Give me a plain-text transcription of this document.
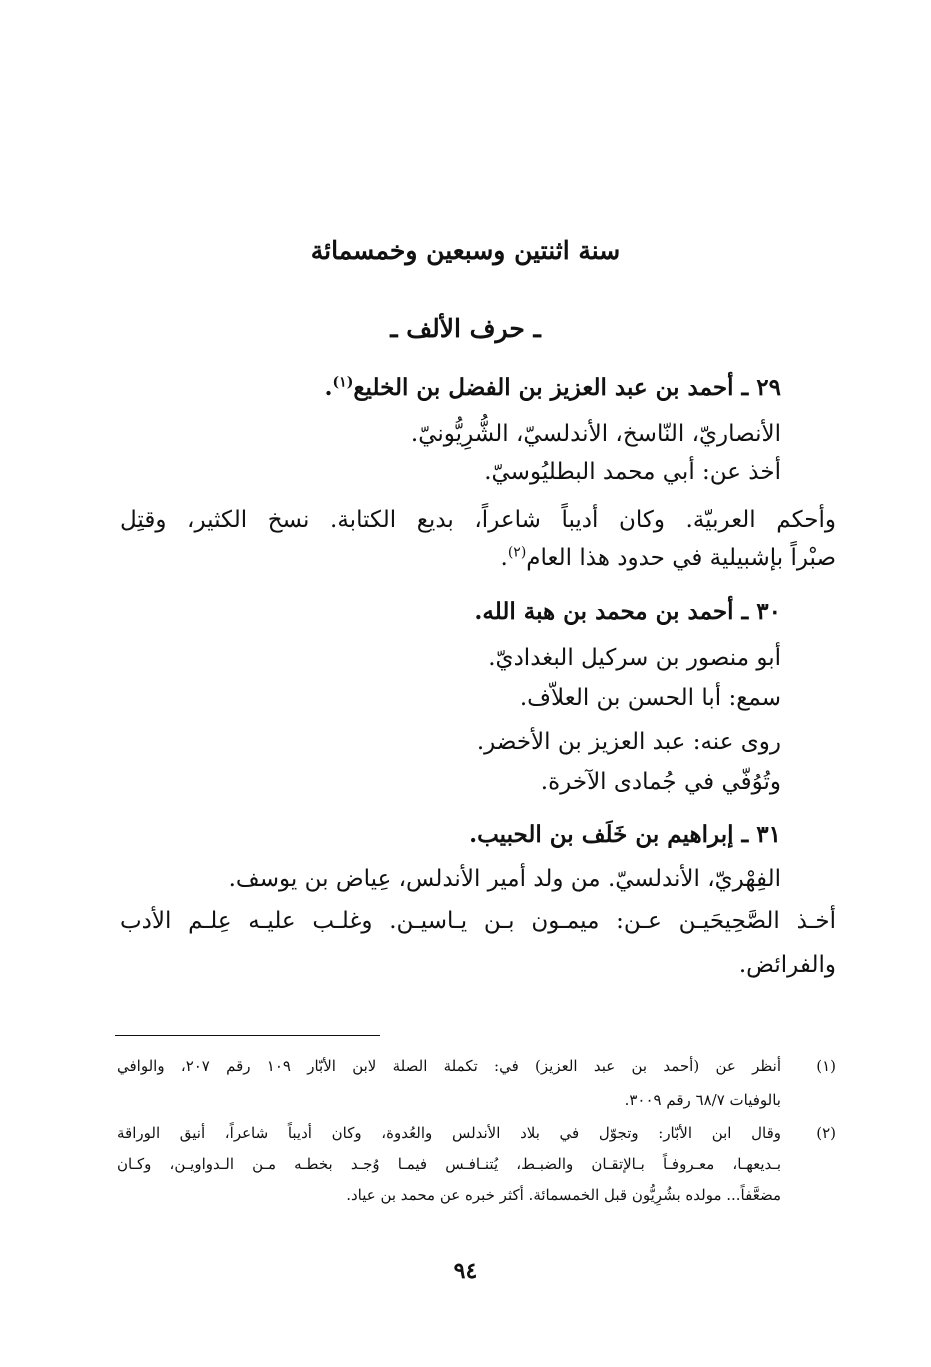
سنة اثنتين وسبعين وخمسمائة
ـ حرف الألف ـ
٢٩ ـ أحمد بن عبد العزيز بن الفضل بن الخليع$^{(١)}$.
الأنصاريّ، النّاسخ، الأندلسيّ، الشُّرِيُّونيّ.
أخذ عن: أبي محمد البطليُوسيّ.
وأحكم العربيّة. وكان أديباً شاعراً، بديع الكتابة. نسخ الكثير، وقتِل
صبْراً بإشبيلية في حدود هذا العام$^{(٢)}$.
٣٠ ـ أحمد بن محمد بن هبة الله.
أبو منصور بن سركيل البغداديّ.
سمع: أبا الحسن بن العلاّف.
روى عنه: عبد العزيز بن الأخضر.
وتُوُفّي في جُمادى الآخرة.
٣١ ـ إبراهيم بن خَلَف بن الحبيب.
الفِهْريّ، الأندلسيّ. من ولد أمير الأندلس، عِياض بن يوسف.
أخـذ الصَّحِيحَيـن عـن: ميمـون بـن يـاسيـن. وغلـب عليـه عِلـم الأدب
والفرائض.
(١)
أنظر عن (أحمد بن عبد العزيز) في: تكملة الصلة لابن الأبّار ١٠٩ رقم ٢٠٧، والوافي
بالوفيات ٦٨/٧ رقم ٣٠٠٩.
(٢)
وقال ابن الأبّار: وتجوّل في بلاد الأندلس والعُدوة، وكان أديباً شاعراً، أنيق الوراقة
بـديعهـا، معـروفـاً بـالإتقـان والضبـط، يُتنـافـس فيمـا وُجـد بخطـه مـن الـدواويـن، وكـان
مضعَّفاً... مولده بشُرِيُّون قبل الخمسمائة. أكثر خبره عن محمد بن عياد.
٩٤
